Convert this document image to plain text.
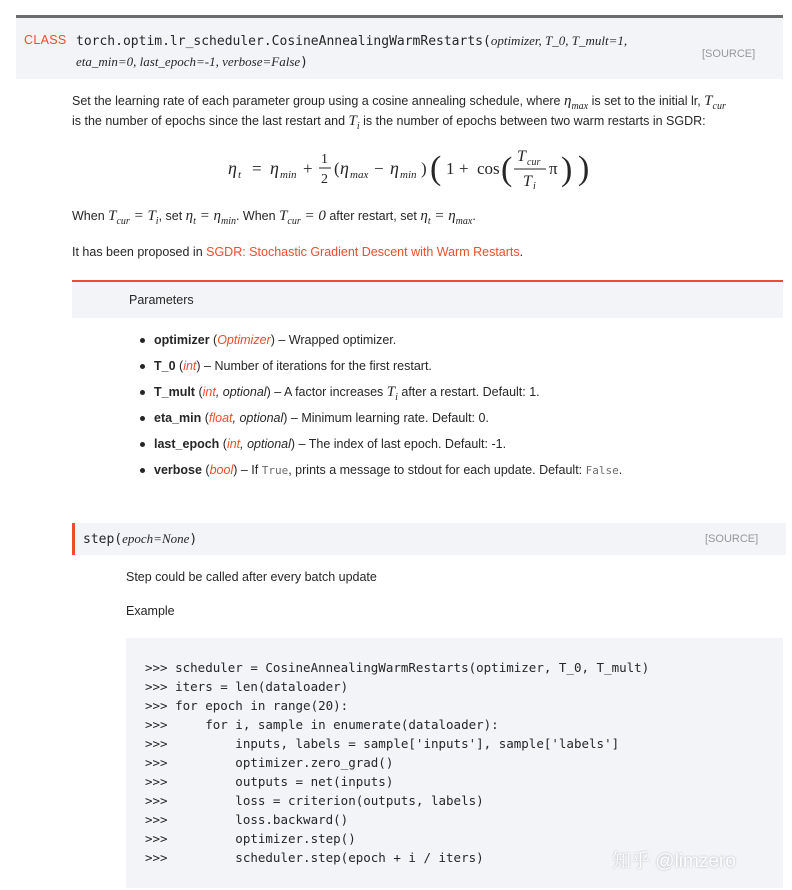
CLASS torch.optim.lr_scheduler.CosineAnnealingWarmRestarts(optimizer, T_0, T_mult=1,
eta_min=0, last_epoch=-1, verbose=False)
[SOURCE]
Set the learning rate of each parameter group using a cosine annealing schedule, where $\eta_{max}$ is set to the initial lr, $T_{cur}$
is the number of epochs since the last restart and $T_i$ is the number of epochs between two warm restarts in SGDR:
η t = η min + 1
2
( η max − η min ) ( 1 + cos ( T cur
T i
π ) )
When $T_{cur} = T_i$, set $\eta_t = \eta_{min}$. When $T_{cur} = 0$ after restart, set $\eta_t = \eta_{max}$.
It has been proposed in SGDR: Stochastic Gradient Descent with Warm Restarts.
Parameters
optimizer (Optimizer) – Wrapped optimizer.
T_0 (int) – Number of iterations for the first restart.
T_mult (int, optional) – A factor increases $T_i$ after a restart. Default: 1.
eta_min (float, optional) – Minimum learning rate. Default: 0.
last_epoch (int, optional) – The index of last epoch. Default: -1.
verbose (bool) – If True, prints a message to stdout for each update. Default: False.
step(epoch=None)	[SOURCE]
Step could be called after every batch update
Example
>>> scheduler = CosineAnnealingWarmRestarts(optimizer, T_0, T_mult)
>>> iters = len(dataloader)
>>> for epoch in range(20):
>>>     for i, sample in enumerate(dataloader):
>>>         inputs, labels = sample['inputs'], sample['labels']
>>>         optimizer.zero_grad()
>>>         outputs = net(inputs)
>>>         loss = criterion(outputs, labels)
>>>         loss.backward()
>>>         optimizer.step()
>>>         scheduler.step(epoch + i / iters)	知乎 @limzero
